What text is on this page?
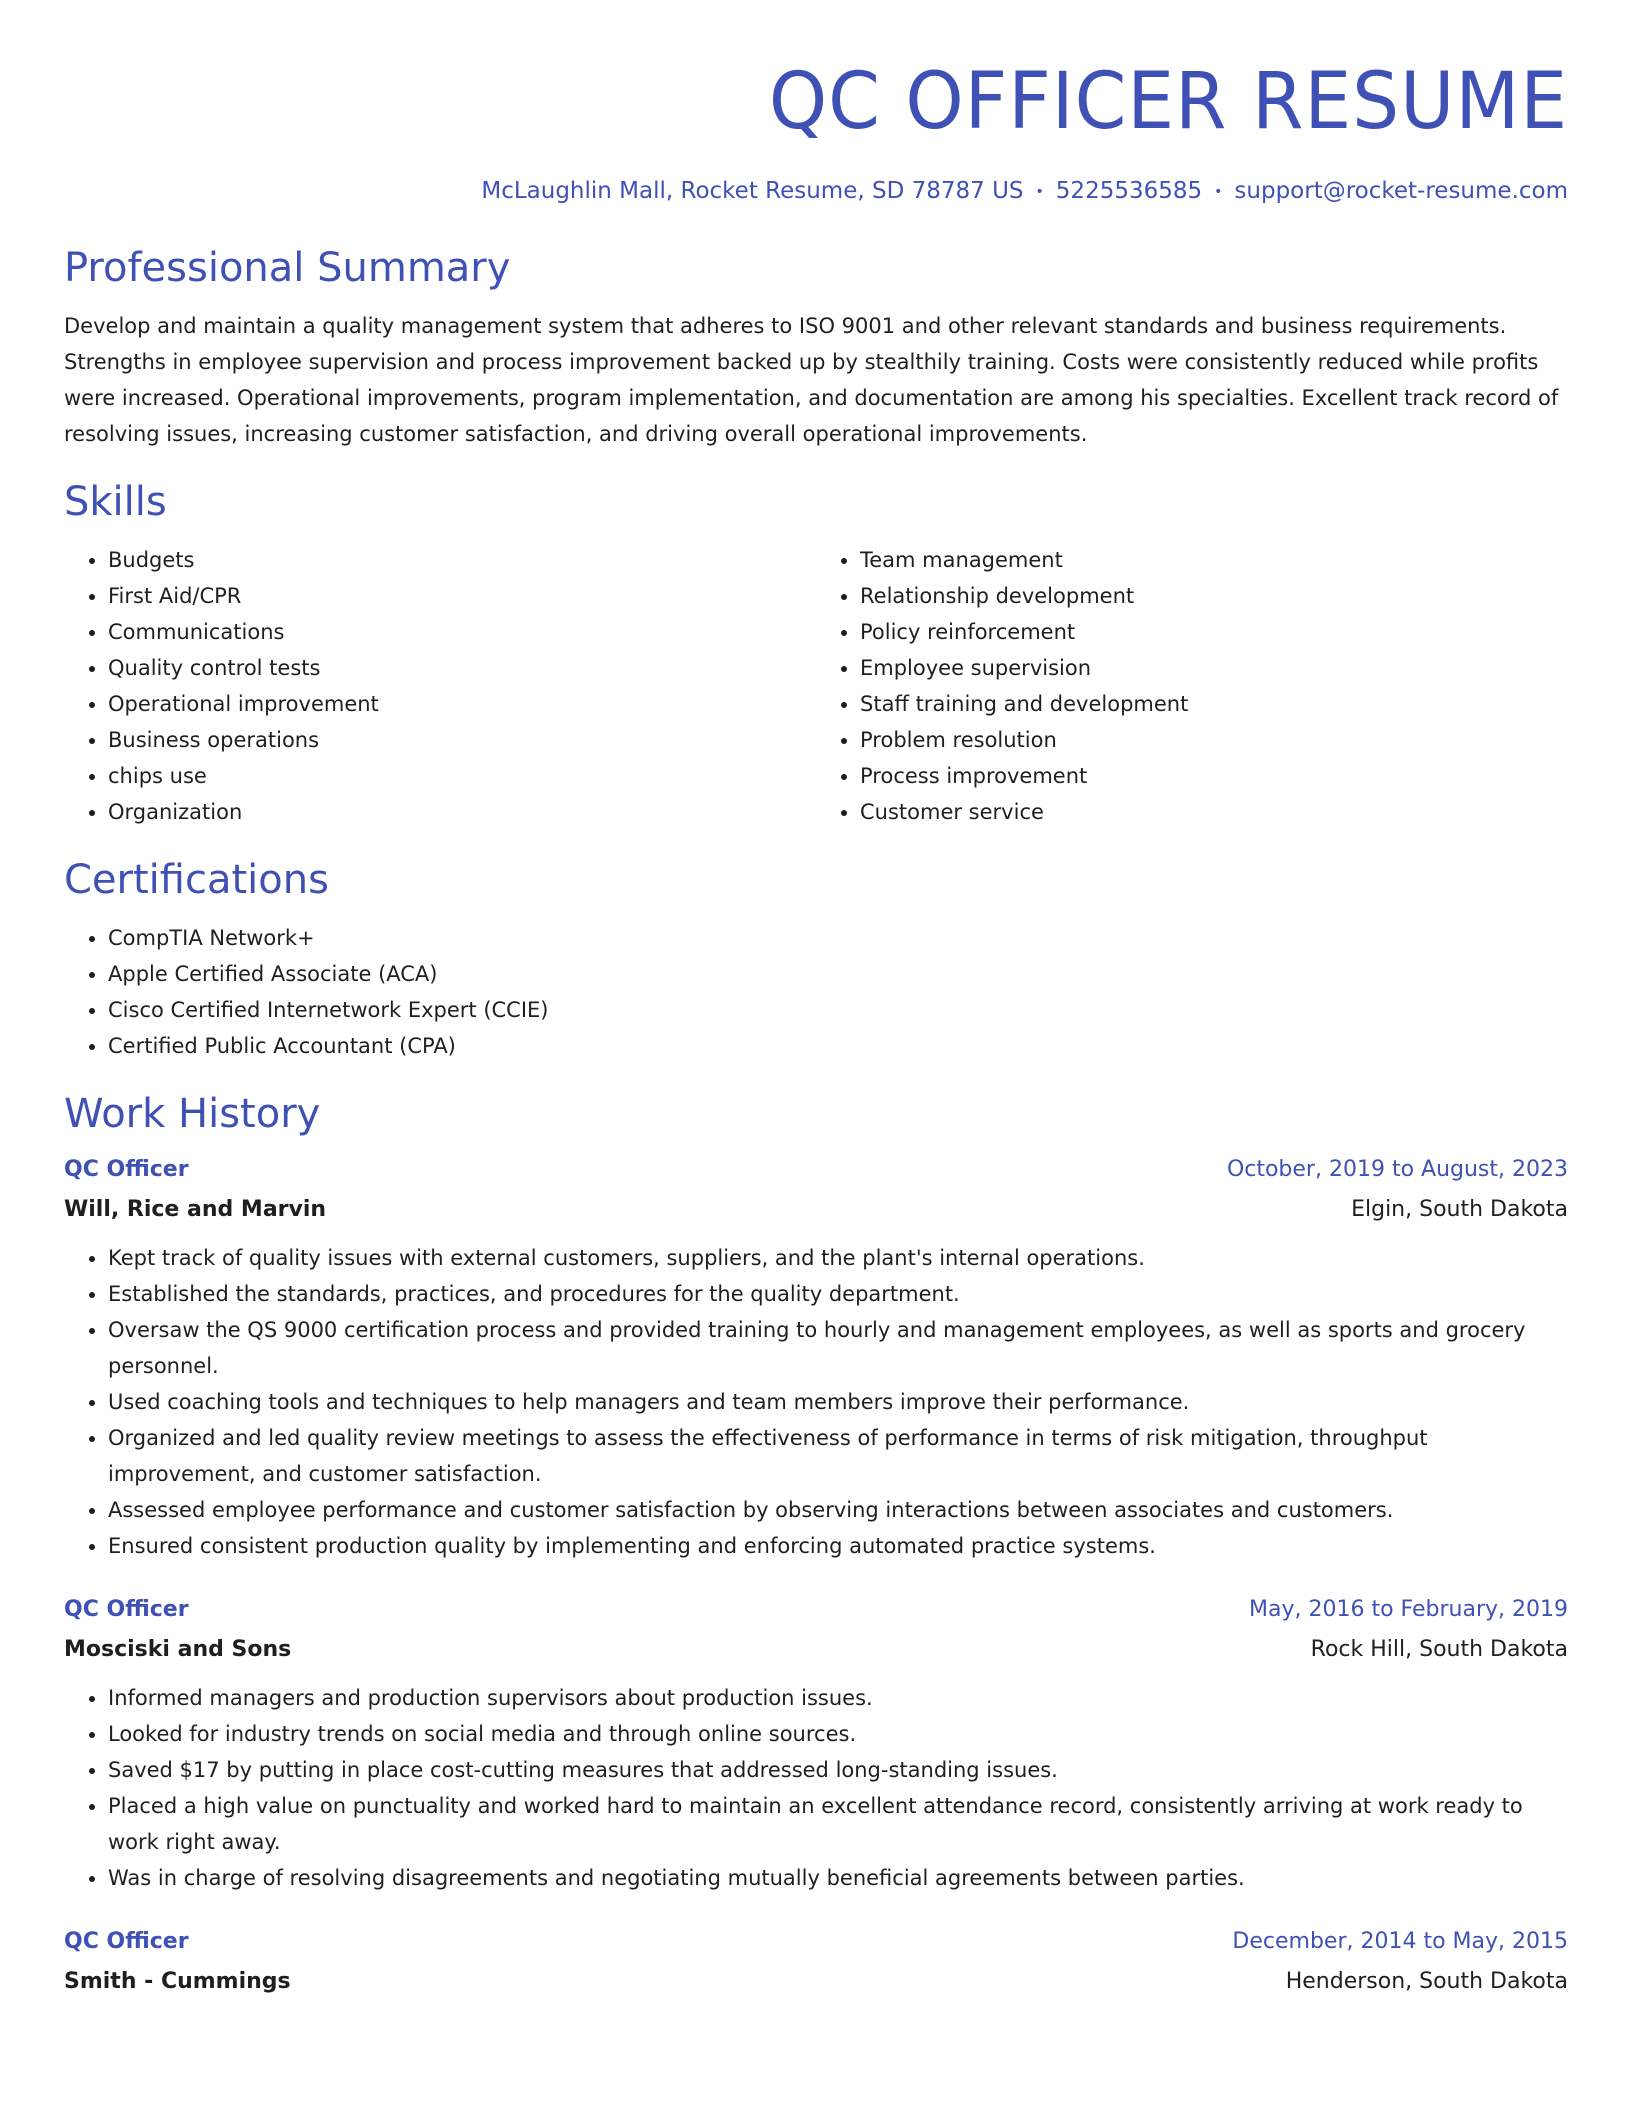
QC OFFICER RESUME
McLaughlin Mall, Rocket Resume, SD 78787 US • 5225536585 • support@rocket-resume.com
Professional Summary

Develop and maintain a quality management system that adheres to ISO 9001 and other relevant standards and business requirements. Strengths in employee supervision and process improvement backed up by stealthily training. Costs were consistently reduced while profits were increased. Operational improvements, program implementation, and documentation are among his specialties. Excellent track record of resolving issues, increasing customer satisfaction, and driving overall operational improvements.

Skills
• Budgets
• First Aid/CPR
• Communications
• Quality control tests
• Operational improvement
• Business operations
• chips use
• Organization
• Team management
• Relationship development
• Policy reinforcement
• Employee supervision
• Staff training and development
• Problem resolution
• Process improvement
• Customer service
Certifications
• CompTIA Network+
• Apple Certified Associate (ACA)
• Cisco Certified Internetwork Expert (CCIE)
• Certified Public Accountant (CPA)
Work History
QC Officer	October, 2019 to August, 2023
Will, Rice and Marvin	Elgin, South Dakota
• Kept track of quality issues with external customers, suppliers, and the plant's internal operations.
• Established the standards, practices, and procedures for the quality department.
• Oversaw the QS 9000 certification process and provided training to hourly and management employees, as well as sports and grocery personnel.
• Used coaching tools and techniques to help managers and team members improve their performance.
• Organized and led quality review meetings to assess the effectiveness of performance in terms of risk mitigation, throughput improvement, and customer satisfaction.
• Assessed employee performance and customer satisfaction by observing interactions between associates and customers.
• Ensured consistent production quality by implementing and enforcing automated practice systems.
QC Officer	May, 2016 to February, 2019
Mosciski and Sons	Rock Hill, South Dakota
• Informed managers and production supervisors about production issues.
• Looked for industry trends on social media and through online sources.
• Saved $17 by putting in place cost-cutting measures that addressed long-standing issues.
• Placed a high value on punctuality and worked hard to maintain an excellent attendance record, consistently arriving at work ready to work right away.
• Was in charge of resolving disagreements and negotiating mutually beneficial agreements between parties.
QC Officer	December, 2014 to May, 2015
Smith - Cummings	Henderson, South Dakota
